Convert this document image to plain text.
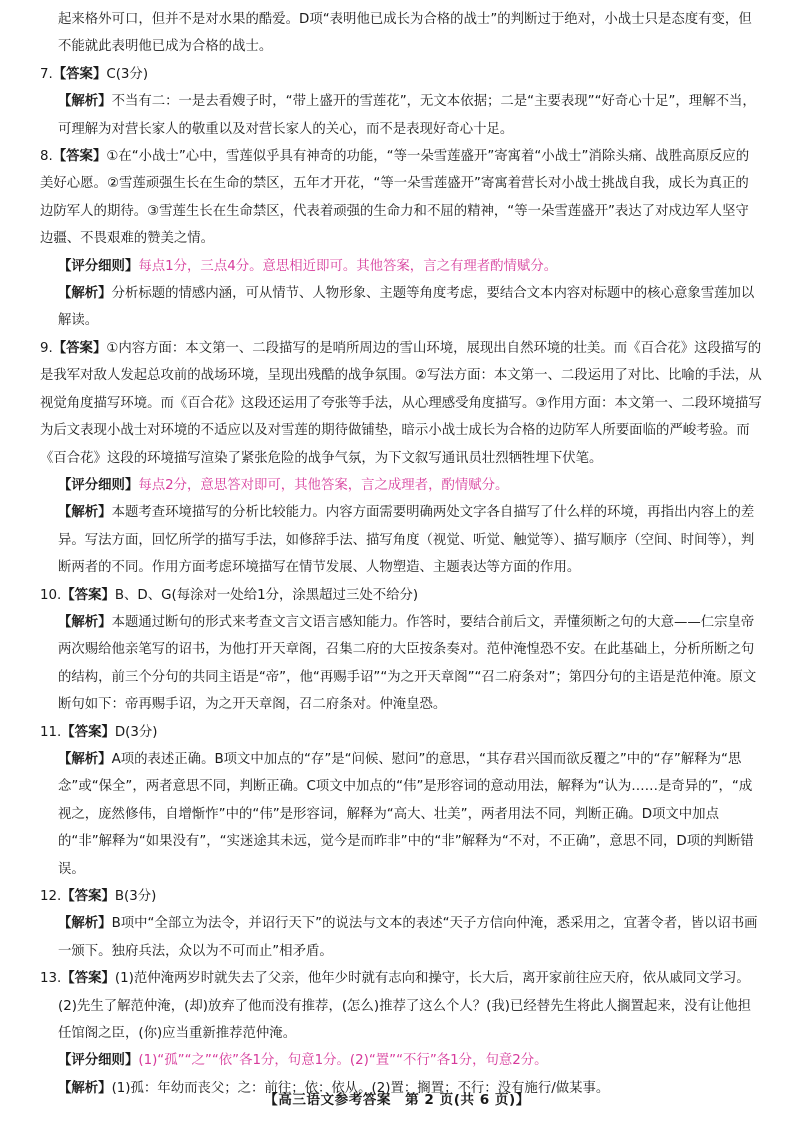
起来格外可口，但并不是对水果的酷爱。D项“表明他已成长为合格的战士”的判断过于绝对，小战士只是态度有变，但不能就此表明他已成为合格的战士。

7.【答案】C(3分)

【解析】不当有二：一是去看嫂子时，“带上盛开的雪莲花”，无文本依据；二是“主要表现”“好奇心十足”，理解不当，可理解为对营长家人的敬重以及对营长家人的关心，而不是表现好奇心十足。

8.【答案】①在“小战士”心中，雪莲似乎具有神奇的功能，“等一朵雪莲盛开”寄寓着“小战士”消除头痛、战胜高原反应的美好心愿。②雪莲顽强生长在生命的禁区，五年才开花，“等一朵雪莲盛开”寄寓着营长对小战士挑战自我，成长为真正的边防军人的期待。③雪莲生长在生命禁区，代表着顽强的生命力和不屈的精神，“等一朵雪莲盛开”表达了对戍边军人坚守边疆、不畏艰难的赞美之情。

【评分细则】每点1分，三点4分。意思相近即可。其他答案，言之有理者酌情赋分。

【解析】分析标题的情感内涵，可从情节、人物形象、主题等角度考虑，要结合文本内容对标题中的核心意象雪莲加以解读。

9.【答案】①内容方面：本文第一、二段描写的是哨所周边的雪山环境，展现出自然环境的壮美。而《百合花》这段描写的是我军对敌人发起总攻前的战场环境，呈现出残酷的战争氛围。②写法方面：本文第一、二段运用了对比、比喻的手法，从视觉角度描写环境。而《百合花》这段还运用了夸张等手法，从心理感受角度描写。③作用方面：本文第一、二段环境描写为后文表现小战士对环境的不适应以及对雪莲的期待做铺垫，暗示小战士成长为合格的边防军人所要面临的严峻考验。而《百合花》这段的环境描写渲染了紧张危险的战争气氛，为下文叙写通讯员壮烈牺牲埋下伏笔。

【评分细则】每点2分，意思答对即可，其他答案，言之成理者，酌情赋分。

【解析】本题考查环境描写的分析比较能力。内容方面需要明确两处文字各自描写了什么样的环境，再指出内容上的差异。写法方面，回忆所学的描写手法，如修辞手法、描写角度（视觉、听觉、触觉等）、描写顺序（空间、时间等），判断两者的不同。作用方面考虑环境描写在情节发展、人物塑造、主题表达等方面的作用。

10.【答案】B、D、G(每涂对一处给1分，涂黑超过三处不给分)

【解析】本题通过断句的形式来考查文言文语言感知能力。作答时，要结合前后文，弄懂须断之句的大意——仁宗皇帝两次赐给他亲笔写的诏书，为他打开天章阁，召集二府的大臣按条奏对。范仲淹惶恐不安。在此基础上，分析所断之句的结构，前三个分句的共同主语是“帝”，他“再赐手诏”“为之开天章阁”“召二府条对”；第四分句的主语是范仲淹。原文断句如下：帝再赐手诏，为之开天章阁，召二府条对。仲淹皇恐。

11.【答案】D(3分)

【解析】A项的表述正确。B项文中加点的“存”是“问候、慰问”的意思，“其存君兴国而欲反覆之”中的“存”解释为“思念”或“保全”，两者意思不同，判断正确。C项文中加点的“伟”是形容词的意动用法，解释为“认为……是奇异的”，“成视之，庞然修伟，自增惭怍”中的“伟”是形容词，解释为“高大、壮美”，两者用法不同，判断正确。D项文中加点的“非”解释为“如果没有”，“实迷途其未远，觉今是而昨非”中的“非”解释为“不对，不正确”，意思不同，D项的判断错误。

12.【答案】B(3分)

【解析】B项中“全部立为法令，并诏行天下”的说法与文本的表述“天子方信向仲淹，悉采用之，宜著令者，皆以诏书画一颁下。独府兵法，众以为不可而止”相矛盾。

13.【答案】(1)范仲淹两岁时就失去了父亲，他年少时就有志向和操守，长大后，离开家前往应天府，依从戚同文学习。

(2)先生了解范仲淹，(却)放弃了他而没有推荐，(怎么)推荐了这么个人？(我)已经替先生将此人搁置起来，没有让他担任馆阁之臣，(你)应当重新推荐范仲淹。

【评分细则】(1)“孤”“之”“依”各1分，句意1分。(2)“置”“不行”各1分，句意2分。

【解析】(1)孤：年幼而丧父；之：前往；依：依从。(2)置：搁置；不行：没有施行/做某事。

【高三语文参考答案　第 2 页(共 6 页)】
